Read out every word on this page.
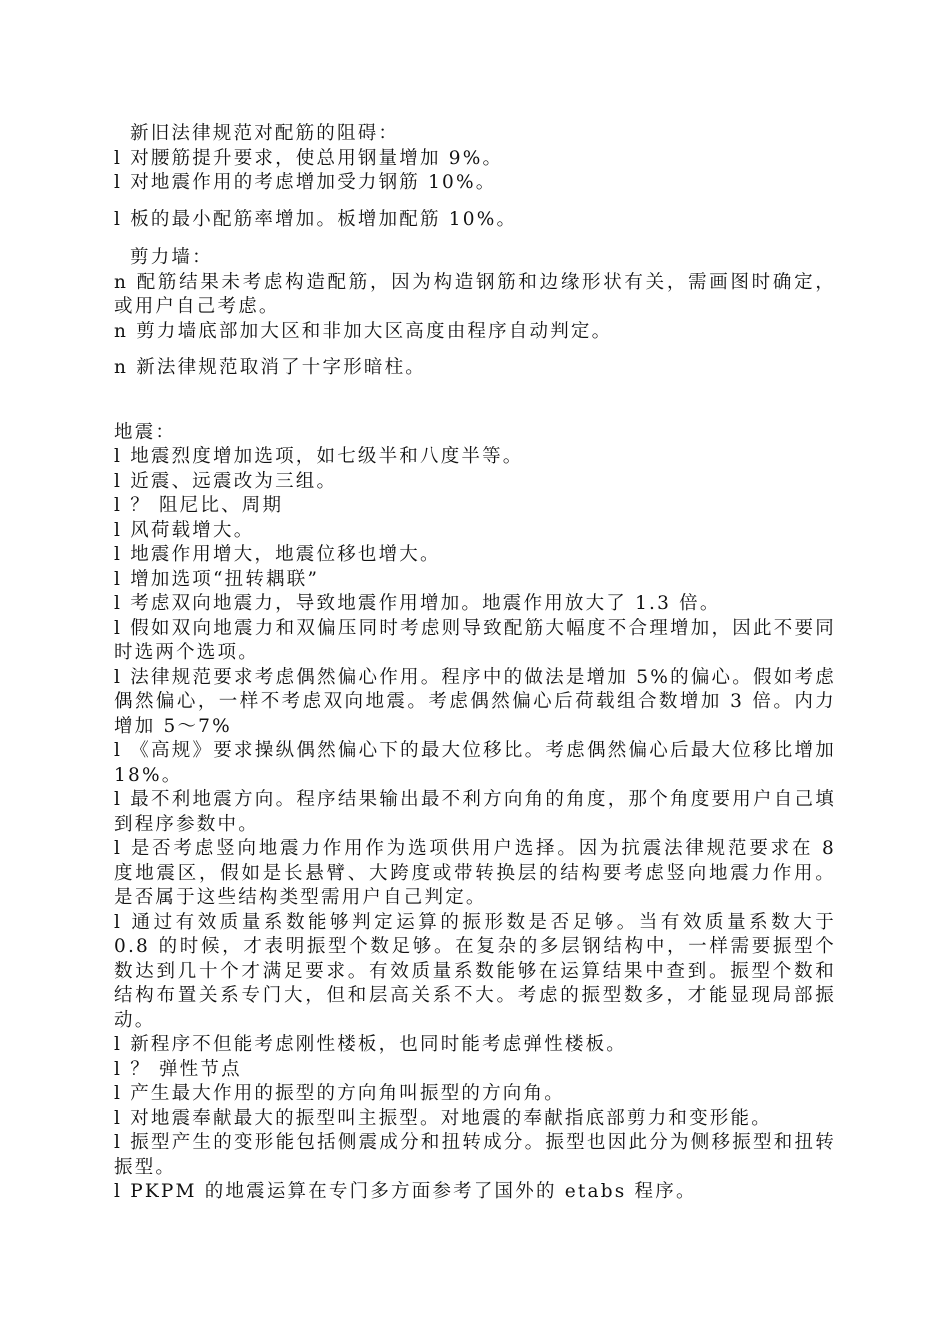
新旧法律规范对配筋的阻碍：

l 对腰筋提升要求，使总用钢量增加 9%。

l 对地震作用的考虑增加受力钢筋 10%。

l 板的最小配筋率增加。板增加配筋 10%。

剪力墙：

n 配筋结果未考虑构造配筋，因为构造钢筋和边缘形状有关，需画图时确定，或用户自己考虑。

n 剪力墙底部加大区和非加大区高度由程序自动判定。

n 新法律规范取消了十字形暗柱。

地震：

l 地震烈度增加选项，如七级半和八度半等。

l 近震、远震改为三组。

l ？ 阻尼比、周期

l 风荷载增大。

l 地震作用增大，地震位移也增大。

l 增加选项“扭转耦联”

l 考虑双向地震力，导致地震作用增加。地震作用放大了 1.3 倍。

l 假如双向地震力和双偏压同时考虑则导致配筋大幅度不合理增加，因此不要同时选两个选项。

l 法律规范要求考虑偶然偏心作用。程序中的做法是增加 5%的偏心。假如考虑偶然偏心，一样不考虑双向地震。考虑偶然偏心后荷载组合数增加 3 倍。内力增加 5～7%

l 《高规》要求操纵偶然偏心下的最大位移比。考虑偶然偏心后最大位移比增加 18%。

l 最不利地震方向。程序结果输出最不利方向角的角度，那个角度要用户自己填到程序参数中。

l 是否考虑竖向地震力作用作为选项供用户选择。因为抗震法律规范要求在 8 度地震区，假如是长悬臂、大跨度或带转换层的结构要考虑竖向地震力作用。是否属于这些结构类型需用户自己判定。

l 通过有效质量系数能够判定运算的振形数是否足够。当有效质量系数大于 0.8 的时候，才表明振型个数足够。在复杂的多层钢结构中，一样需要振型个数达到几十个才满足要求。有效质量系数能够在运算结果中查到。振型个数和结构布置关系专门大，但和层高关系不大。考虑的振型数多，才能显现局部振动。

l 新程序不但能考虑刚性楼板，也同时能考虑弹性楼板。

l ？ 弹性节点

l 产生最大作用的振型的方向角叫振型的方向角。

l 对地震奉献最大的振型叫主振型。对地震的奉献指底部剪力和变形能。

l 振型产生的变形能包括侧震成分和扭转成分。振型也因此分为侧移振型和扭转振型。

l PKPM 的地震运算在专门多方面参考了国外的 etabs 程序。
